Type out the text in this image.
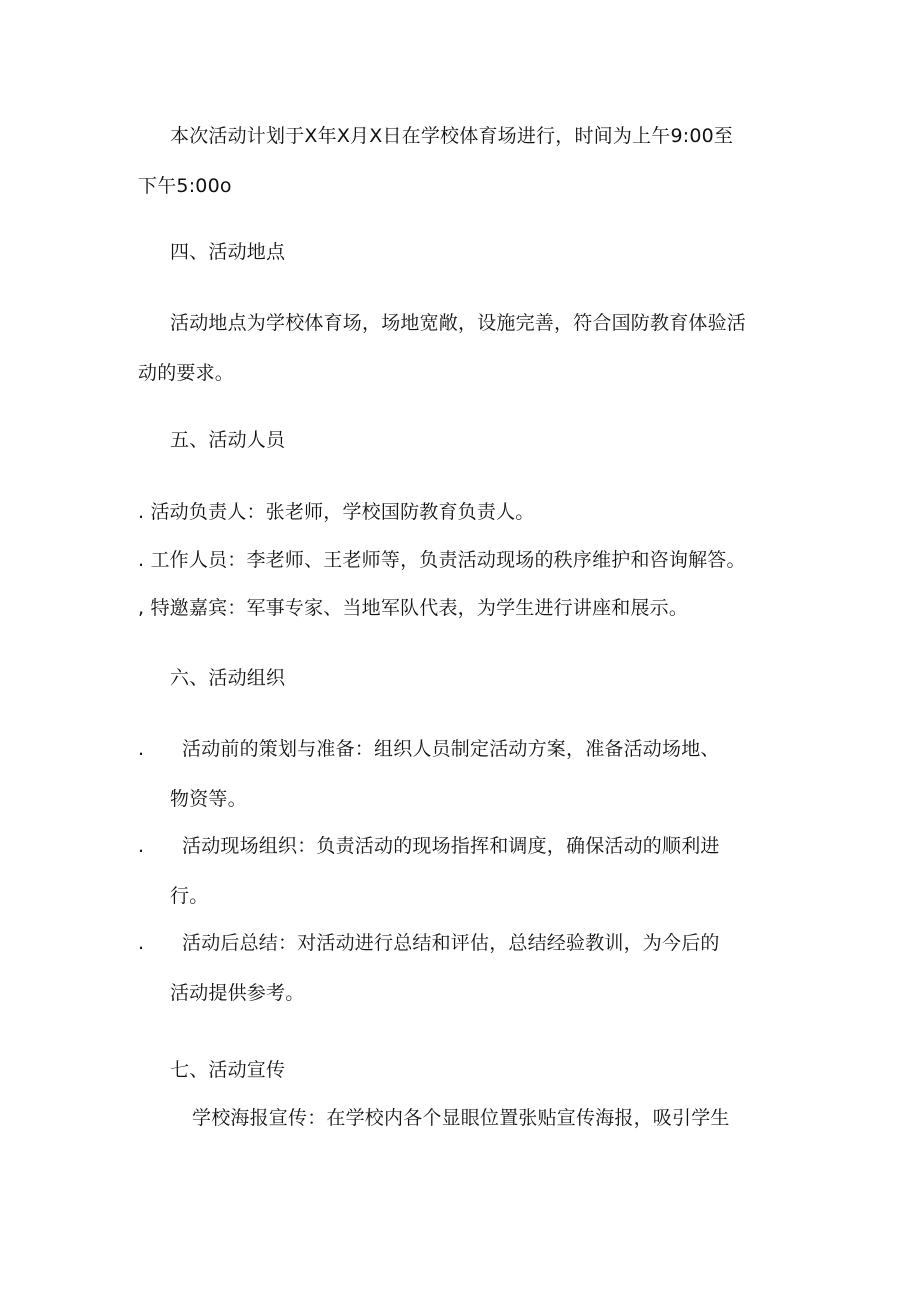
本次活动计划于X年X月X日在学校体育场进行，时间为上午9:00至
下午5:00o
四、活动地点
活动地点为学校体育场，场地宽敞，设施完善，符合国防教育体验活
动的要求。
五、活动人员
. 活动负责人：张老师，学校国防教育负责人。
. 工作人员：李老师、王老师等，负责活动现场的秩序维护和咨询解答。
, 特邀嘉宾：军事专家、当地军队代表，为学生进行讲座和展示。
六、活动组织
. 活动前的策划与准备：组织人员制定活动方案，准备活动场地、
物资等。
. 活动现场组织：负责活动的现场指挥和调度，确保活动的顺利进
行。
. 活动后总结：对活动进行总结和评估，总结经验教训，为今后的
活动提供参考。
七、活动宣传
学校海报宣传：在学校内各个显眼位置张贴宣传海报，吸引学生
